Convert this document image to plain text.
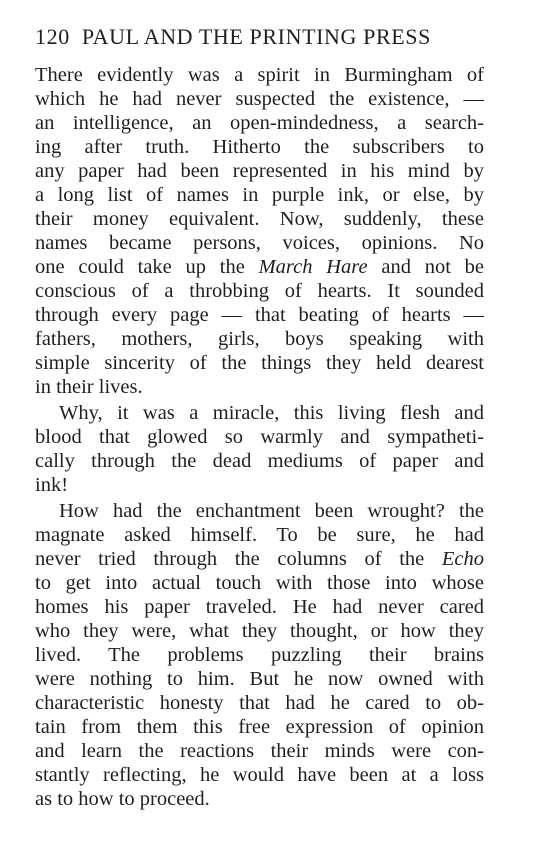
120 PAUL AND THE PRINTING PRESS
There evidently was a spirit in Burmingham of
which he had never suspected the existence, —
an intelligence, an open-mindedness, a search-
ing after truth. Hitherto the subscribers to
any paper had been represented in his mind by
a long list of names in purple ink, or else, by
their money equivalent. Now, suddenly, these
names became persons, voices, opinions. No
one could take up the March Hare and not be
conscious of a throbbing of hearts. It sounded
through every page — that beating of hearts —
fathers, mothers, girls, boys speaking with
simple sincerity of the things they held dearest
in their lives.
Why, it was a miracle, this living flesh and
blood that glowed so warmly and sympatheti-
cally through the dead mediums of paper and
ink!
How had the enchantment been wrought? the
magnate asked himself. To be sure, he had
never tried through the columns of the Echo
to get into actual touch with those into whose
homes his paper traveled. He had never cared
who they were, what they thought, or how they
lived. The problems puzzling their brains
were nothing to him. But he now owned with
characteristic honesty that had he cared to ob-
tain from them this free expression of opinion
and learn the reactions their minds were con-
stantly reflecting, he would have been at a loss
as to how to proceed.
